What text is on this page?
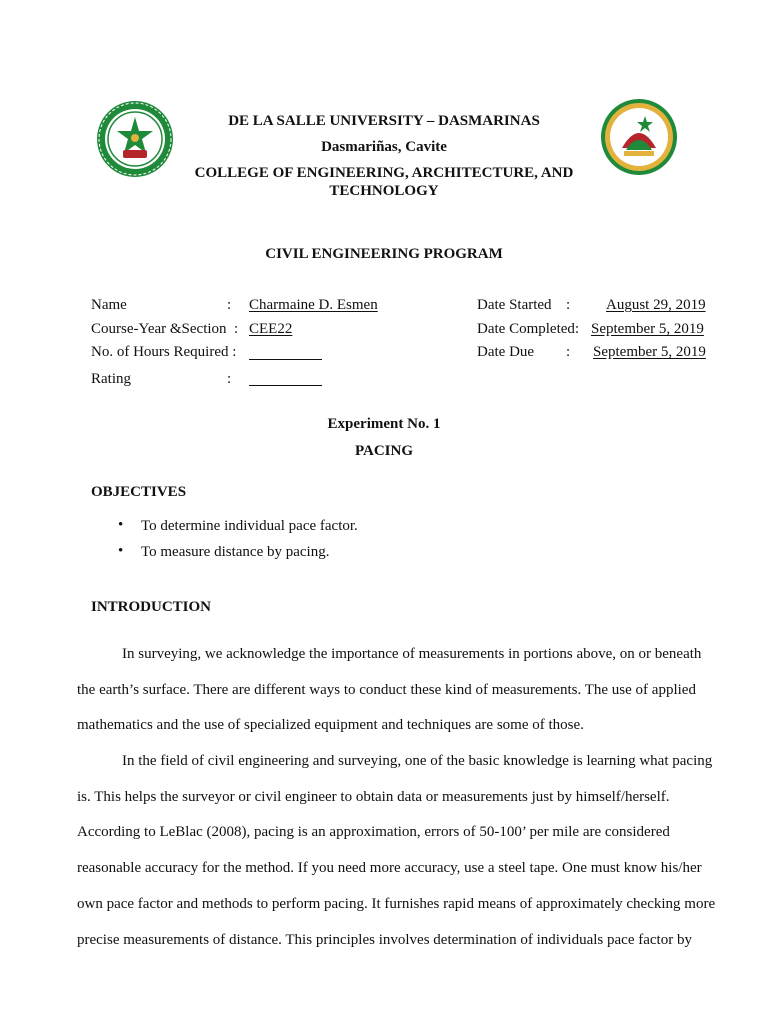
DE LA SALLE UNIVERSITY – DASMARINAS
Dasmariñas, Cavite
COLLEGE OF ENGINEERING, ARCHITECTURE, AND
TECHNOLOGY
CIVIL ENGINEERING PROGRAM
Name	: Charmaine D. Esmen
Course-Year &Section : CEE22
No. of Hours Required :
Rating	:
Date Started : August 29, 2019
Date Completed: September 5, 2019
Date Due : September 5, 2019
Experiment No. 1
PACING
OBJECTIVES
• To determine individual pace factor.
• To measure distance by pacing.
INTRODUCTION
In surveying, we acknowledge the importance of measurements in portions above, on or beneath
the earth’s surface. There are different ways to conduct these kind of measurements. The use of applied
mathematics and the use of specialized equipment and techniques are some of those.
In the field of civil engineering and surveying, one of the basic knowledge is learning what pacing
is. This helps the surveyor or civil engineer to obtain data or measurements just by himself/herself.
According to LeBlac (2008), pacing is an approximation, errors of 50-100’ per mile are considered
reasonable accuracy for the method. If you need more accuracy, use a steel tape. One must know his/her
own pace factor and methods to perform pacing. It furnishes rapid means of approximately checking more
precise measurements of distance. This principles involves determination of individuals pace factor by
